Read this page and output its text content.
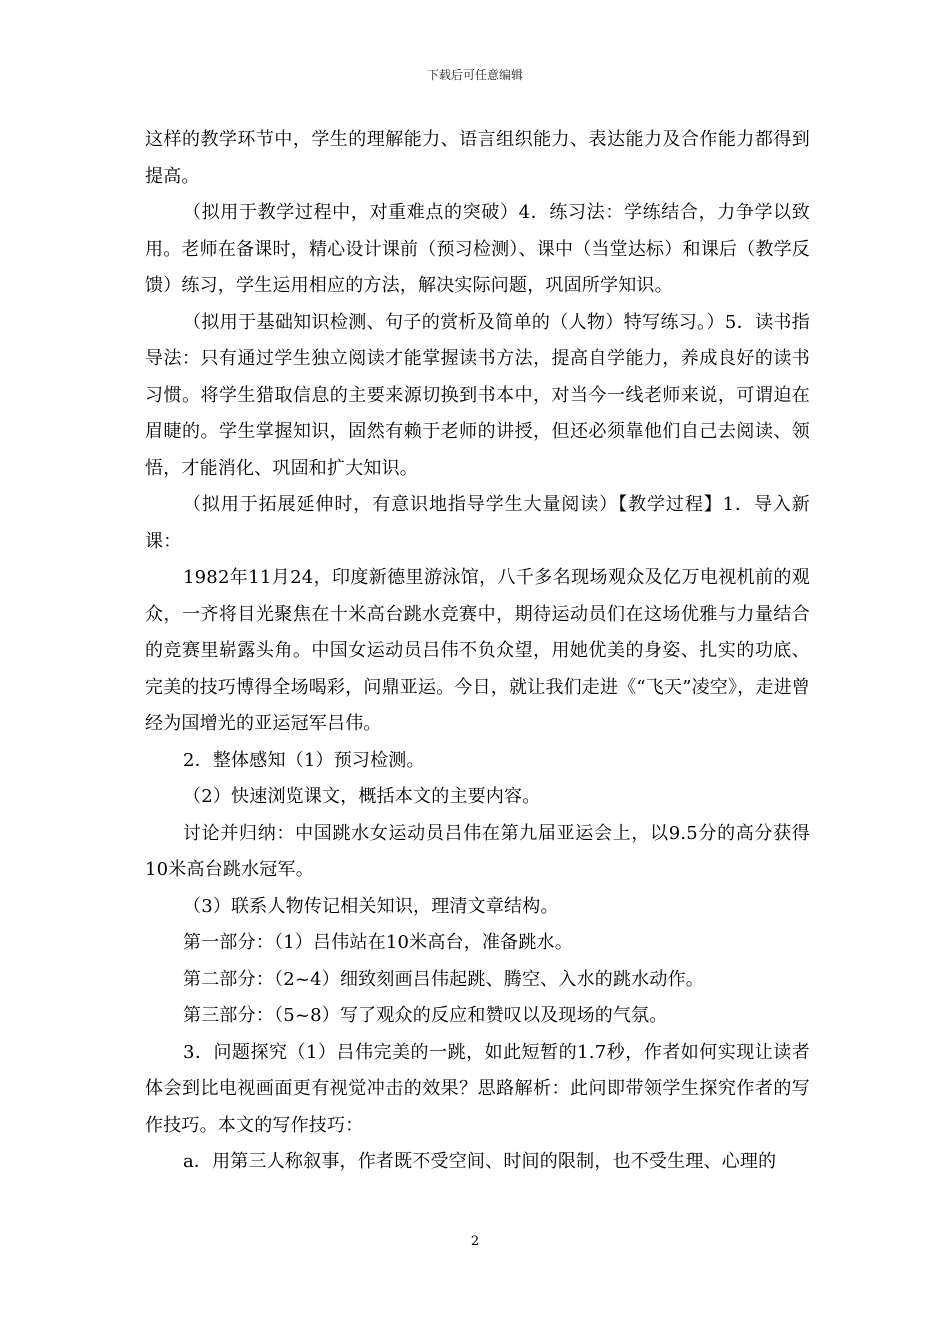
下载后可任意编辑

这样的教学环节中，学生的理解能力、语言组织能力、表达能力及合作能力都得到提高。

（拟用于教学过程中，对重难点的突破）4．练习法：学练结合，力争学以致用。老师在备课时，精心设计课前（预习检测）、课中（当堂达标）和课后（教学反馈）练习，学生运用相应的方法，解决实际问题，巩固所学知识。

（拟用于基础知识检测、句子的赏析及简单的（人物）特写练习。）5．读书指导法：只有通过学生独立阅读才能掌握读书方法，提高自学能力，养成良好的读书习惯。将学生猎取信息的主要来源切换到书本中，对当今一线老师来说，可谓迫在眉睫的。学生掌握知识，固然有赖于老师的讲授，但还必须靠他们自己去阅读、领悟，才能消化、巩固和扩大知识。

（拟用于拓展延伸时，有意识地指导学生大量阅读）【教学过程】1．导入新课：

1982年11月24，印度新德里游泳馆，八千多名现场观众及亿万电视机前的观众，一齐将目光聚焦在十米高台跳水竞赛中，期待运动员们在这场优雅与力量结合的竞赛里崭露头角。中国女运动员吕伟不负众望，用她优美的身姿、扎实的功底、完美的技巧博得全场喝彩，问鼎亚运。今日，就让我们走进《“飞天”凌空》，走进曾经为国增光的亚运冠军吕伟。

2．整体感知（1）预习检测。

（2）快速浏览课文，概括本文的主要内容。

讨论并归纳：中国跳水女运动员吕伟在第九届亚运会上，以9.5分的高分获得10米高台跳水冠军。

（3）联系人物传记相关知识，理清文章结构。

第一部分：（1）吕伟站在10米高台，准备跳水。

第二部分：（2~4）细致刻画吕伟起跳、腾空、入水的跳水动作。

第三部分：（5~8）写了观众的反应和赞叹以及现场的气氛。

3．问题探究（1）吕伟完美的一跳，如此短暂的1.7秒，作者如何实现让读者体会到比电视画面更有视觉冲击的效果？思路解析：此问即带领学生探究作者的写作技巧。本文的写作技巧：

a．用第三人称叙事，作者既不受空间、时间的限制，也不受生理、心理的

2
